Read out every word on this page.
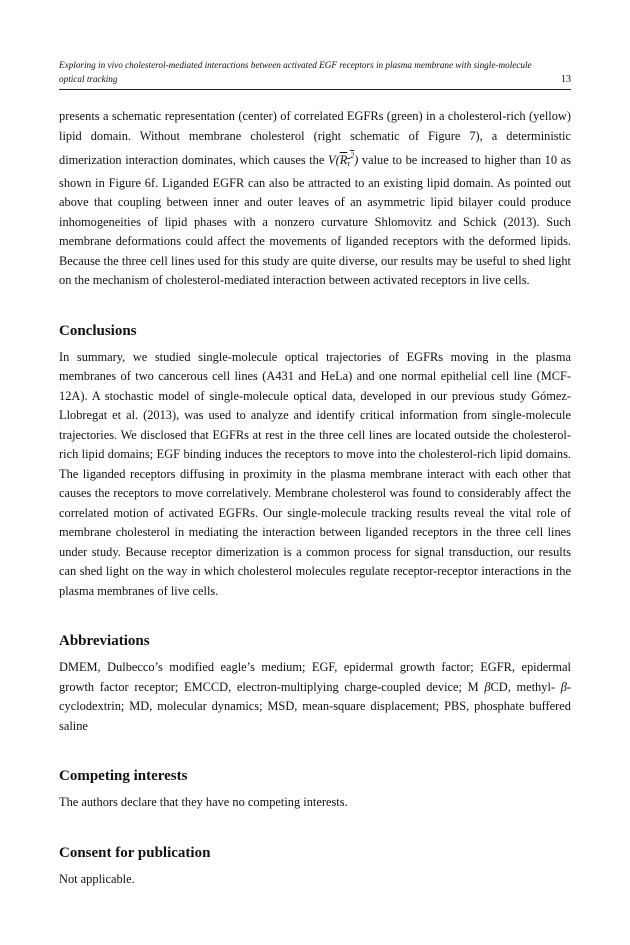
Exploring in vivo cholesterol-mediated interactions between activated EGF receptors in plasma membrane with single-molecule optical tracking	13

presents a schematic representation (center) of correlated EGFRs (green) in a cholesterol-rich (yellow) lipid domain. Without membrane cholesterol (right schematic of Figure 7), a deterministic dimerization interaction dominates, which causes the $V(R_\tau^2)$ value to be increased to higher than 10 as shown in Figure 6f. Liganded EGFR can also be attracted to an existing lipid domain. As pointed out above that coupling between inner and outer leaves of an asymmetric lipid bilayer could produce inhomogeneities of lipid phases with a nonzero curvature Shlomovitz and Schick (2013). Such membrane deformations could affect the movements of liganded receptors with the deformed lipids. Because the three cell lines used for this study are quite diverse, our results may be useful to shed light on the mechanism of cholesterol-mediated interaction between activated receptors in live cells.

Conclusions

In summary, we studied single-molecule optical trajectories of EGFRs moving in the plasma membranes of two cancerous cell lines (A431 and HeLa) and one normal epithelial cell line (MCF-12A). A stochastic model of single-molecule optical data, developed in our previous study Gómez-Llobregat et al. (2013), was used to analyze and identify critical information from single-molecule trajectories. We disclosed that EGFRs at rest in the three cell lines are located outside the cholesterol-rich lipid domains; EGF binding induces the receptors to move into the cholesterol-rich lipid domains. The liganded receptors diffusing in proximity in the plasma membrane interact with each other that causes the receptors to move correlatively. Membrane cholesterol was found to considerably affect the correlated motion of activated EGFRs. Our single-molecule tracking results reveal the vital role of membrane cholesterol in mediating the interaction between liganded receptors in the three cell lines under study. Because receptor dimerization is a common process for signal transduction, our results can shed light on the way in which cholesterol molecules regulate receptor-receptor interactions in the plasma membranes of live cells.

Abbreviations

DMEM, Dulbecco’s modified eagle’s medium; EGF, epidermal growth factor; EGFR, epidermal growth factor receptor; EMCCD, electron-multiplying charge-coupled device; M βCD, methyl- β-cyclodextrin; MD, molecular dynamics; MSD, mean-square displacement; PBS, phosphate buffered saline

Competing interests

The authors declare that they have no competing interests.

Consent for publication

Not applicable.
